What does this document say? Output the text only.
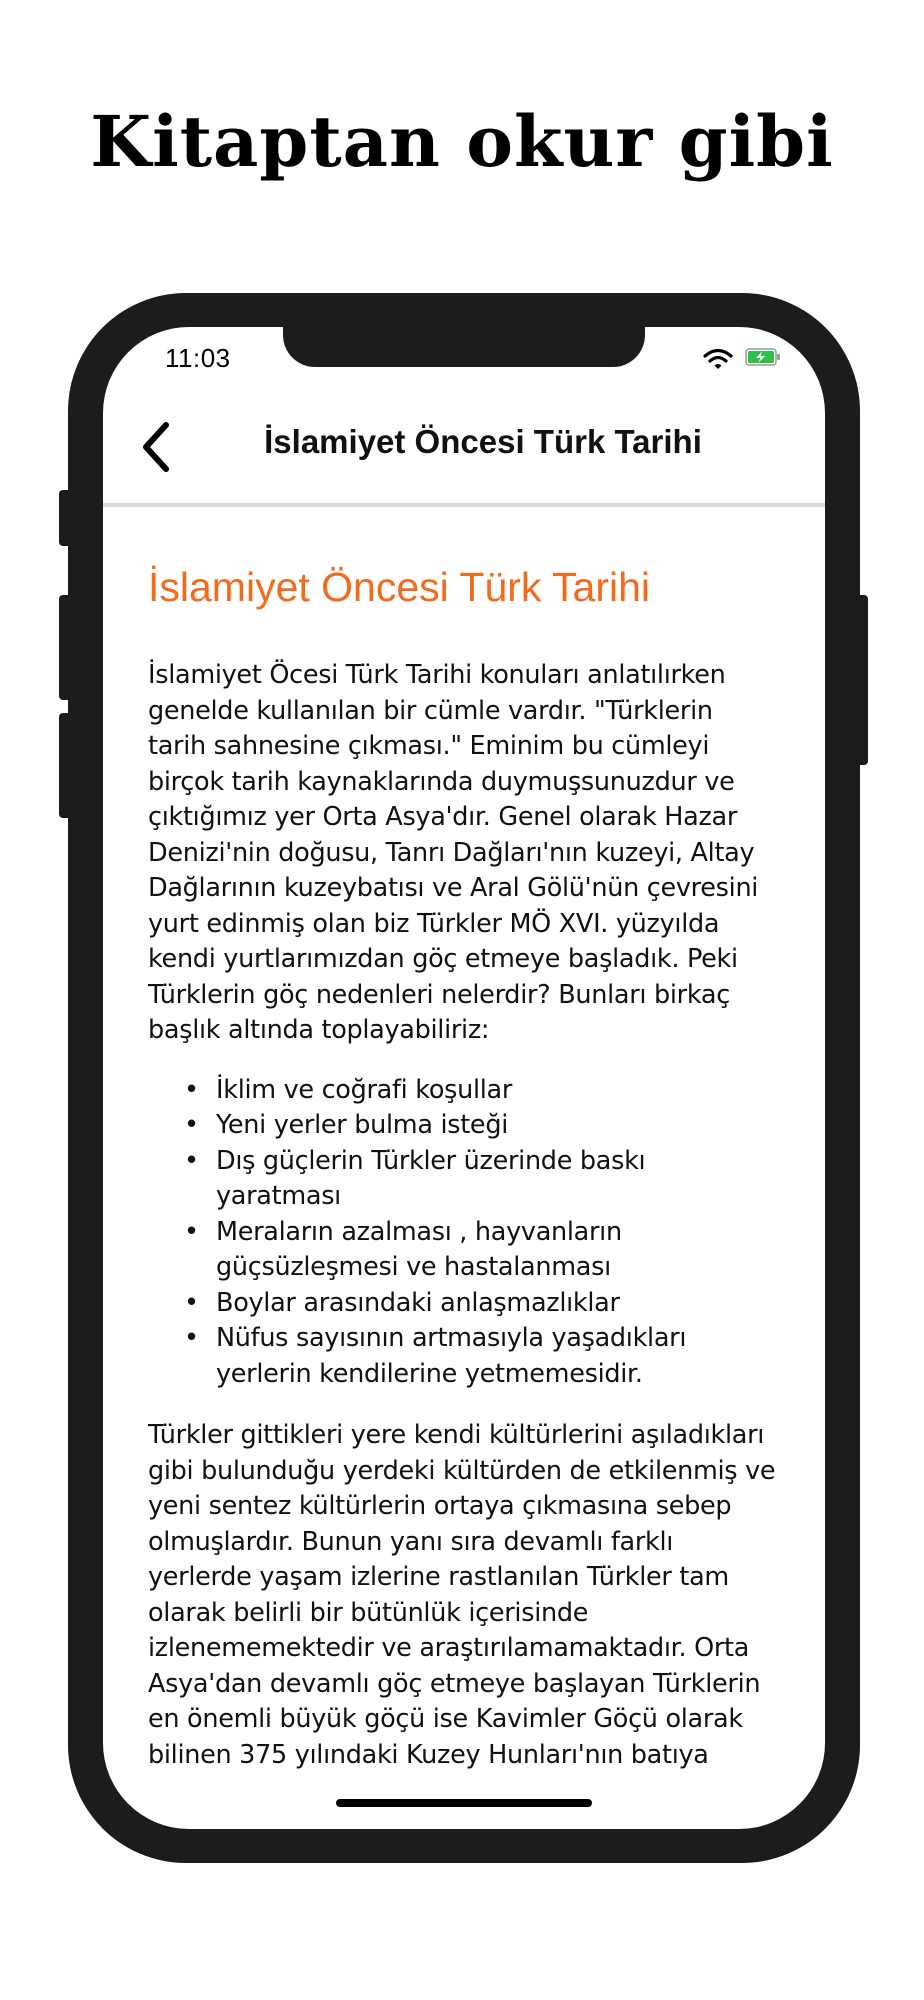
Kitaptan okur gibi
11:03
İslamiyet Öncesi Türk Tarihi
İslamiyet Öncesi Türk Tarihi

İslamiyet Öcesi Türk Tarihi konuları anlatılırken
genelde kullanılan bir cümle vardır. "Türklerin
tarih sahnesine çıkması." Eminim bu cümleyi
birçok tarih kaynaklarında duymuşsunuzdur ve
çıktığımız yer Orta Asya'dır. Genel olarak Hazar
Denizi'nin doğusu, Tanrı Dağları'nın kuzeyi, Altay
Dağlarının kuzeybatısı ve Aral Gölü'nün çevresini
yurt edinmiş olan biz Türkler MÖ XVI. yüzyılda
kendi yurtlarımızdan göç etmeye başladık. Peki
Türklerin göç nedenleri nelerdir? Bunları birkaç
başlık altında toplayabiliriz:

• İklim ve coğrafi koşullar
• Yeni yerler bulma isteği
• Dış güçlerin Türkler üzerinde baskı
yaratması
• Meraların azalması , hayvanların
güçsüzleşmesi ve hastalanması
• Boylar arasındaki anlaşmazlıklar
• Nüfus sayısının artmasıyla yaşadıkları
yerlerin kendilerine yetmemesidir.

Türkler gittikleri yere kendi kültürlerini aşıladıkları
gibi bulunduğu yerdeki kültürden de etkilenmiş ve
yeni sentez kültürlerin ortaya çıkmasına sebep
olmuşlardır. Bunun yanı sıra devamlı farklı
yerlerde yaşam izlerine rastlanılan Türkler tam
olarak belirli bir bütünlük içerisinde
izlenememektedir ve araştırılamamaktadır. Orta
Asya'dan devamlı göç etmeye başlayan Türklerin
en önemli büyük göçü ise Kavimler Göçü olarak
bilinen 375 yılındaki Kuzey Hunları'nın batıya
